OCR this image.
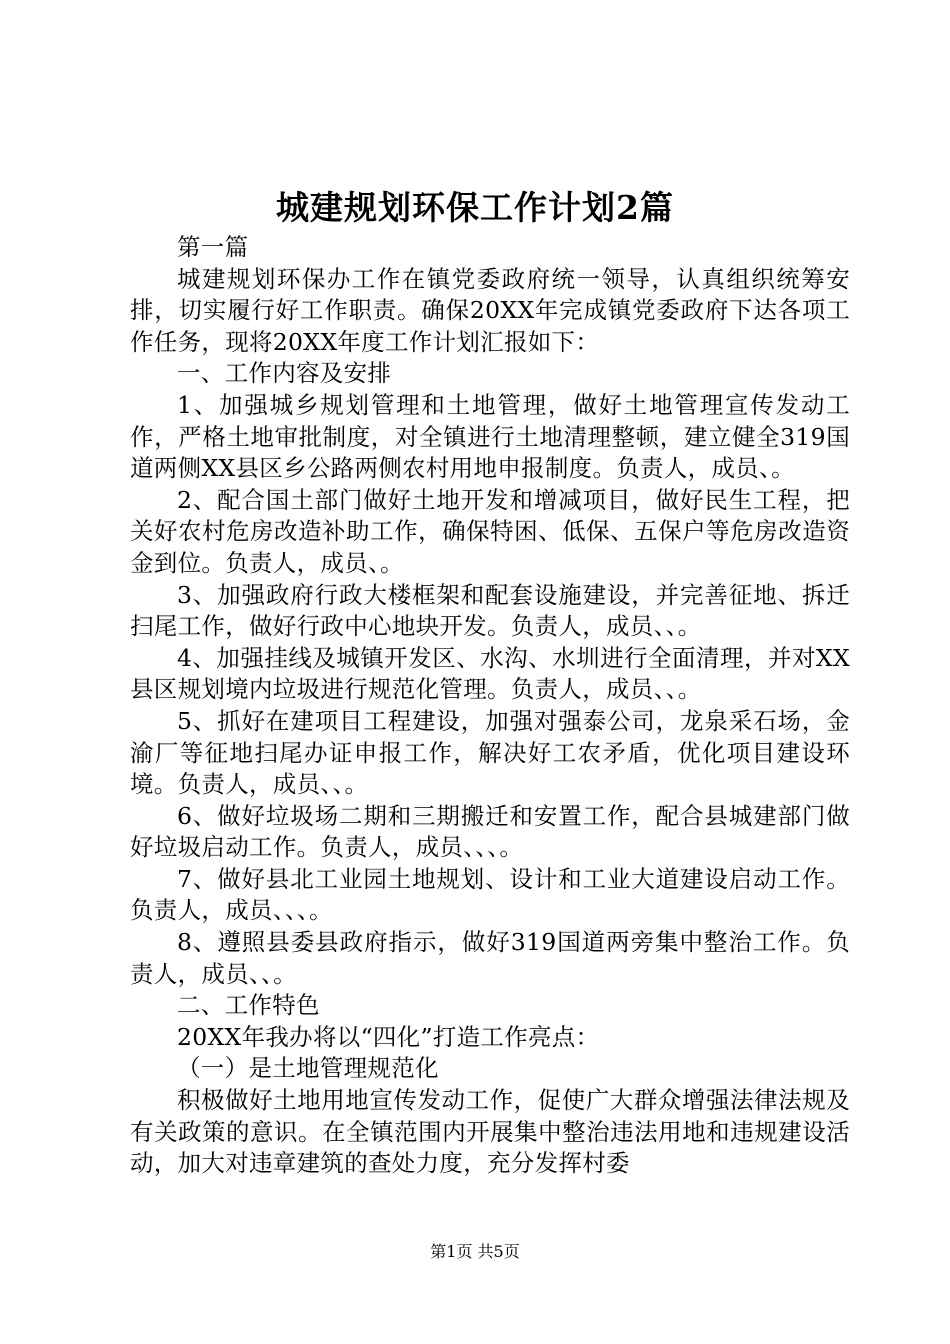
城建规划环保工作计划2篇

第一篇

城建规划环保办工作在镇党委政府统一领导，认真组织统筹安排，切实履行好工作职责。确保20XX年完成镇党委政府下达各项工作任务，现将20XX年度工作计划汇报如下：

一、工作内容及安排

1、加强城乡规划管理和土地管理，做好土地管理宣传发动工作，严格土地审批制度，对全镇进行土地清理整顿，建立健全319国道两侧XX县区乡公路两侧农村用地申报制度。负责人，成员、。

2、配合国土部门做好土地开发和增减项目，做好民生工程，把关好农村危房改造补助工作，确保特困、低保、五保户等危房改造资金到位。负责人，成员、。

3、加强政府行政大楼框架和配套设施建设，并完善征地、拆迁扫尾工作，做好行政中心地块开发。负责人，成员、、。

4、加强挂线及城镇开发区、水沟、水圳进行全面清理，并对XX县区规划境内垃圾进行规范化管理。负责人，成员、、。

5、抓好在建项目工程建设，加强对强泰公司，龙泉采石场，金渝厂等征地扫尾办证申报工作，解决好工农矛盾，优化项目建设环境。负责人，成员、、。

6、做好垃圾场二期和三期搬迁和安置工作，配合县城建部门做好垃圾启动工作。负责人，成员、、、。

7、做好县北工业园土地规划、设计和工业大道建设启动工作。负责人，成员、、、。

8、遵照县委县政府指示，做好319国道两旁集中整治工作。负责人，成员、、。

二、工作特色

20XX年我办将以“四化”打造工作亮点：

（一）是土地管理规范化

积极做好土地用地宣传发动工作，促使广大群众增强法律法规及有关政策的意识。在全镇范围内开展集中整治违法用地和违规建设活动，加大对违章建筑的查处力度，充分发挥村委

第1页 共5页
